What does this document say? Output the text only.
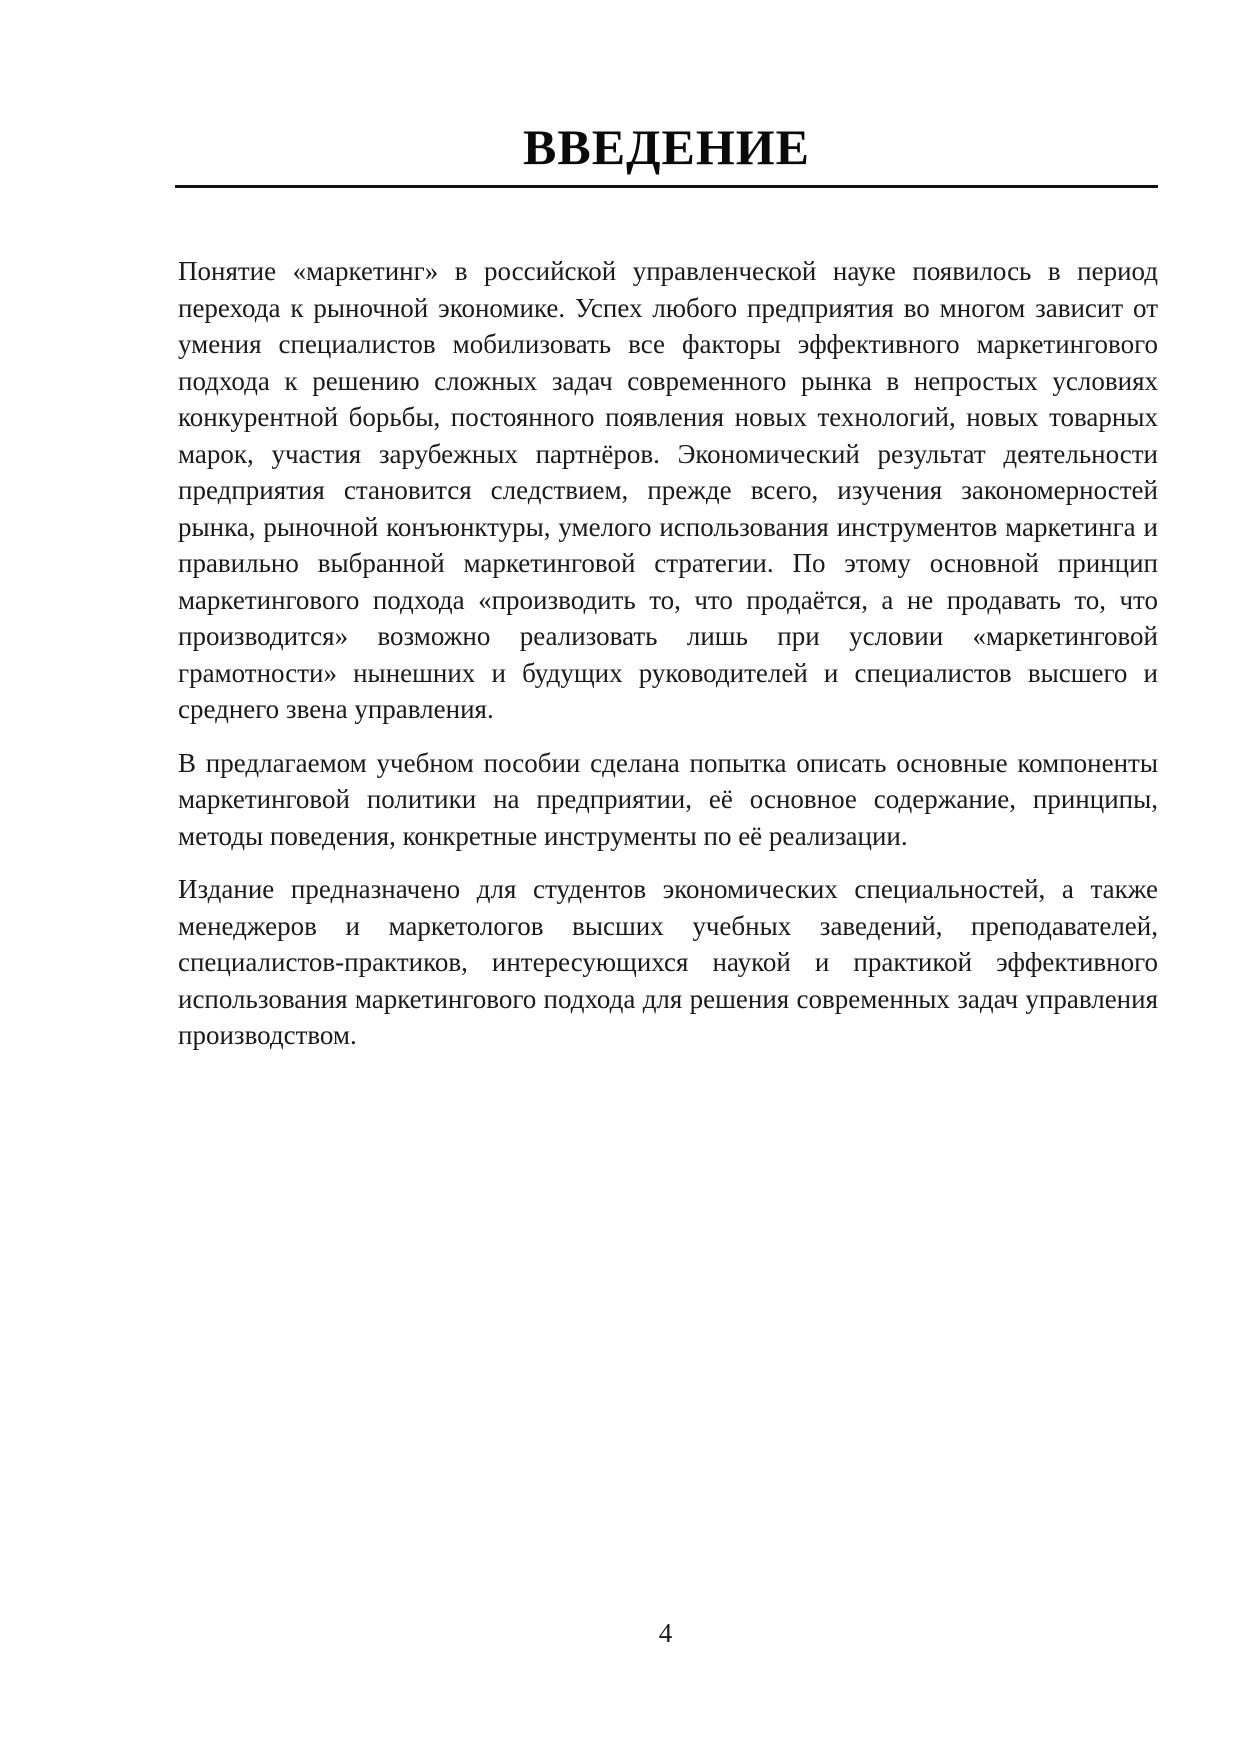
ВВЕДЕНИЕ

Понятие «маркетинг» в российской управленческой науке появилось в период перехода к рыночной экономике. Успех любого предприятия во многом зависит от умения специалистов мобилизовать все факторы эффективного маркетингового подхода к решению сложных задач современного рынка в непростых условиях конкурентной борьбы, постоянного появления новых технологий, новых товарных марок, участия зарубежных партнёров. Экономический результат деятельности предприятия становится следствием, прежде всего, изучения закономерностей рынка, рыночной конъюнктуры, умелого использования инструментов маркетинга и правильно выбранной маркетинговой стратегии. По этому основной принцип маркетингового подхода «производить то, что продаётся, а не продавать то, что производится» возможно реализовать лишь при условии «маркетинговой грамотности» нынешних и будущих руководителей и специалистов высшего и среднего звена управления.

В предлагаемом учебном пособии сделана попытка описать основные компоненты маркетинговой политики на предприятии, её основное содержание, принципы, методы поведения, конкретные инструменты по её реализации.

Издание предназначено для студентов экономических специальностей, а также менеджеров и маркетологов высших учебных заведений, преподавателей, специалистов-практиков, интересующихся наукой и практикой эффективного использования маркетингового подхода для решения современных задач управления производством.

4
